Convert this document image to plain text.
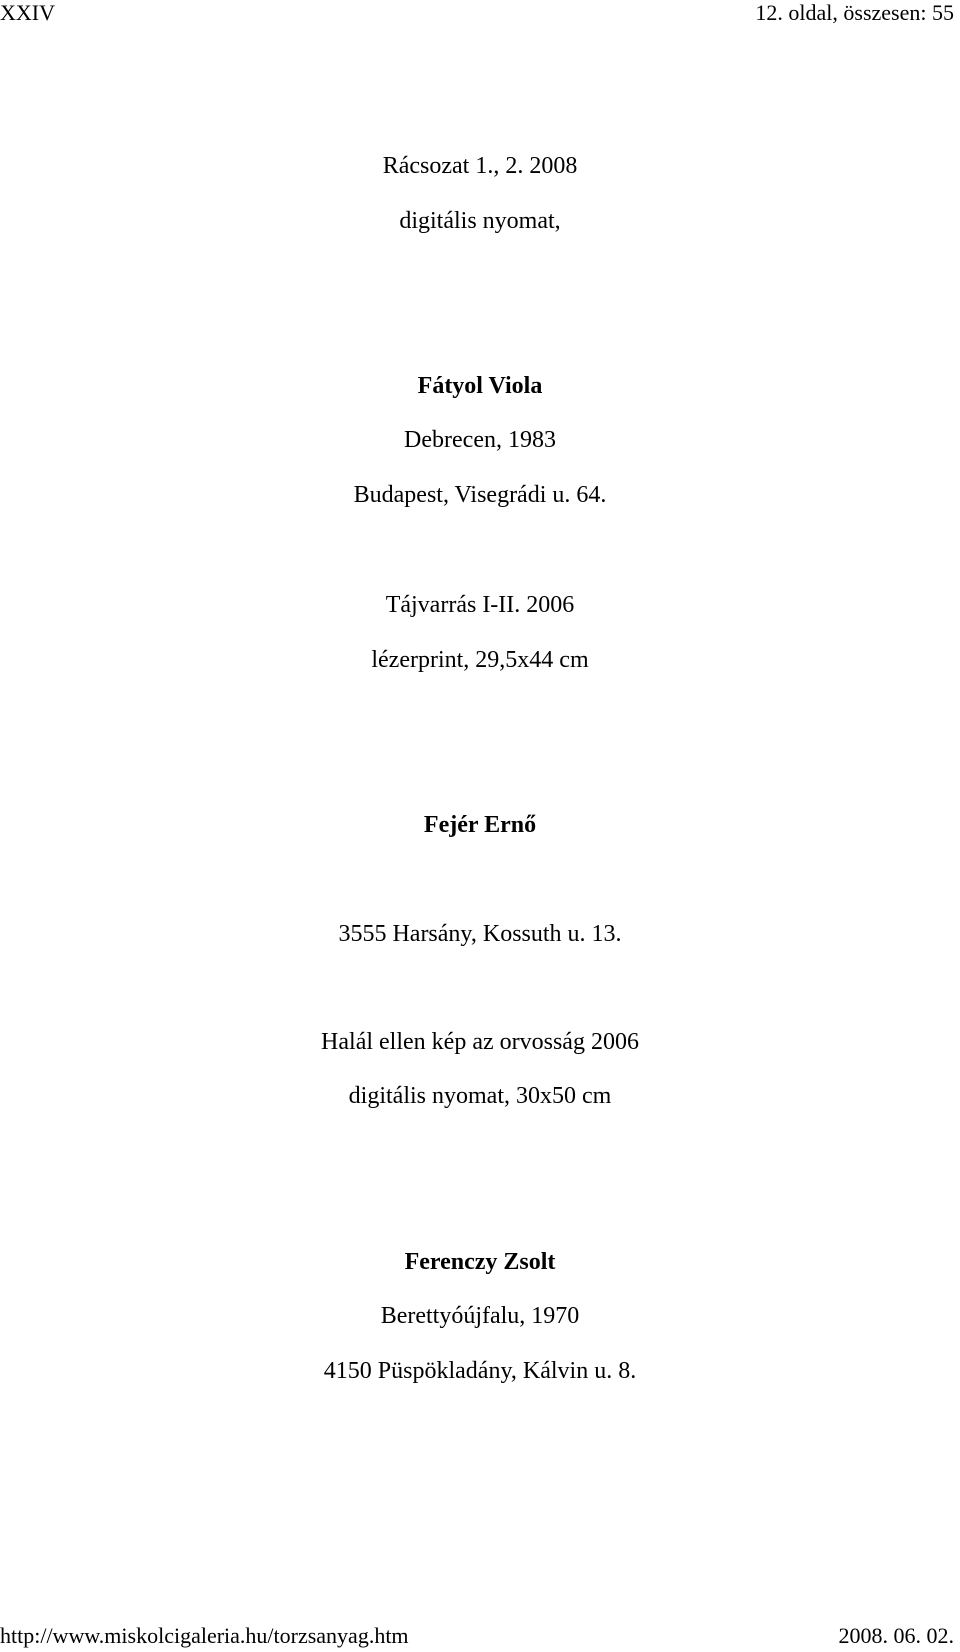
XXIV	12. oldal, összesen: 55
Rácsozat 1., 2. 2008
digitális nyomat,
Fátyol Viola
Debrecen, 1983
Budapest, Visegrádi u. 64.
Tájvarrás I-II. 2006
lézerprint, 29,5x44 cm
Fejér Ernő
3555 Harsány, Kossuth u. 13.
Halál ellen kép az orvosság 2006
digitális nyomat, 30x50 cm
Ferenczy Zsolt
Berettyóújfalu, 1970
4150 Püspökladány, Kálvin u. 8.
http://www.miskolcigaleria.hu/torzsanyag.htm	2008. 06. 02.
